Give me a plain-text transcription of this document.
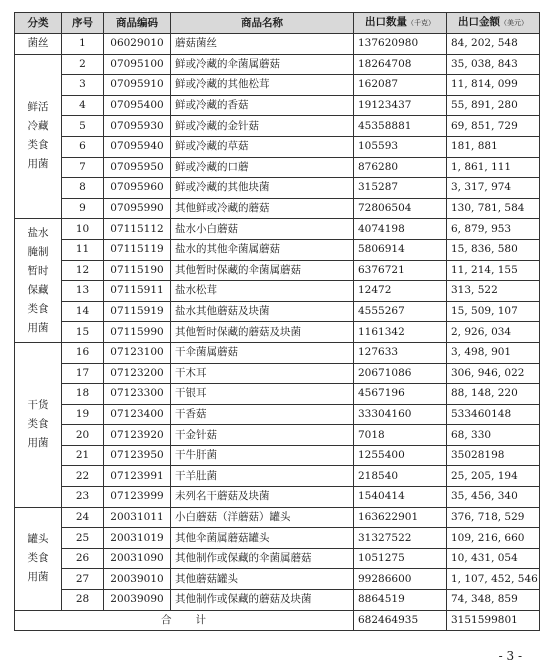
分类	序号	商品编码	商品名称	出口数量（千克）	出口金额（美元）
菌丝	1	06029010	蘑菇菌丝	137620980	84, 202, 548
鲜活冷藏类食用菌	2	07095100	鲜或冷藏的伞菌属蘑菇	18264708	35, 038, 843
	3	07095910	鲜或冷藏的其他松茸	162087	11, 814, 099
	4	07095400	鲜或冷藏的香菇	19123437	55, 891, 280
	5	07095930	鲜或冷藏的金针菇	45358881	69, 851, 729
	6	07095940	鲜或冷藏的草菇	105593	181, 881
	7	07095950	鲜或冷藏的口蘑	876280	1, 861, 111
	8	07095960	鲜或冷藏的其他块菌	315287	3, 317, 974
	9	07095990	其他鲜或冷藏的蘑菇	72806504	130, 781, 584
盐水腌制暂时保藏类食用菌	10	07115112	盐水小白蘑菇	4074198	6, 879, 953
	11	07115119	盐水的其他伞菌属蘑菇	5806914	15, 836, 580
	12	07115190	其他暂时保藏的伞菌属蘑菇	6376721	11, 214, 155
	13	07115911	盐水松茸	12472	313, 522
	14	07115919	盐水其他蘑菇及块菌	4555267	15, 509, 107
	15	07115990	其他暂时保藏的蘑菇及块菌	1161342	2, 926, 034
干货类食用菌	16	07123100	干伞菌属蘑菇	127633	3, 498, 901
	17	07123200	干木耳	20671086	306, 946, 022
	18	07123300	干银耳	4567196	88, 148, 220
	19	07123400	干香菇	33304160	533460148
	20	07123920	干金针菇	7018	68, 330
	21	07123950	干牛肝菌	1255400	35028198
	22	07123991	干羊肚菌	218540	25, 205, 194
	23	07123999	未列名干蘑菇及块菌	1540414	35, 456, 340
罐头类食用菌	24	20031011	小白蘑菇（洋蘑菇）罐头	163622901	376, 718, 529
	25	20031019	其他伞菌属蘑菇罐头	31327522	109, 216, 660
	26	20031090	其他制作或保藏的伞菌属蘑菇	1051275	10, 431, 054
	27	20039010	其他蘑菇罐头	99286600	1, 107, 452, 546
	28	20039090	其他制作或保藏的蘑菇及块菌	8864519	74, 348, 859
合　　计				682464935	3151599801
- 3 -
